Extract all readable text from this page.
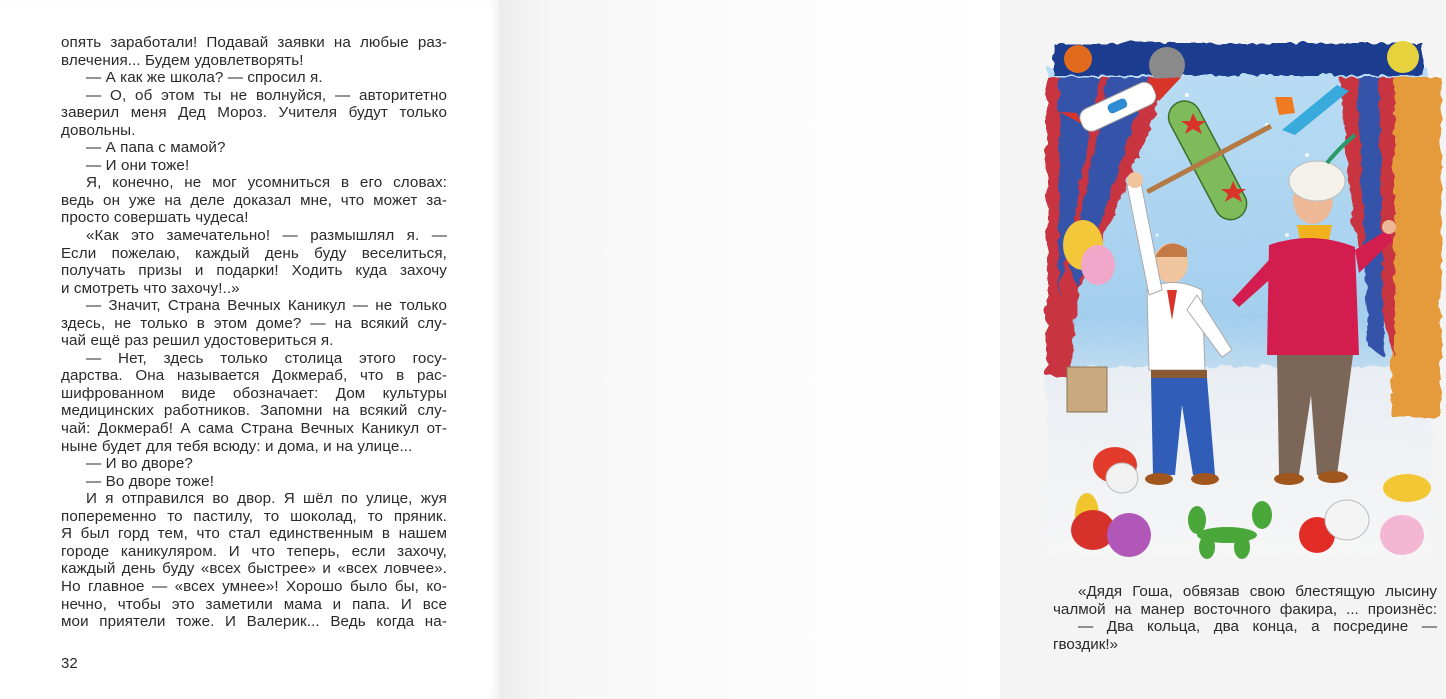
опять заработали! Подавай заявки на любые раз-

влечения... Будем удовлетворять!

— А как же школа? — спросил я.

— О, об этом ты не волнуйся, — авторитетно

заверил меня Дед Мороз. Учителя будут только

довольны.

— А папа с мамой?

— И они тоже!

Я, конечно, не мог усомниться в его словах:

ведь он уже на деле доказал мне, что может за-

просто совершать чудеса!

«Как это замечательно! — размышлял я. —

Если пожелаю, каждый день буду веселиться,

получать призы и подарки! Ходить куда захочу

и смотреть что захочу!..»

— Значит, Страна Вечных Каникул — не только

здесь, не только в этом доме? — на всякий слу-

чай ещё раз решил удостовериться я.

— Нет, здесь только столица этого госу-

дарства. Она называется Докмераб, что в рас-

шифрованном виде обозначает: Дом культуры

медицинских работников. Запомни на всякий слу-

чай: Докмераб! А сама Страна Вечных Каникул от-

ныне будет для тебя всюду: и дома, и на улице...

— И во дворе?

— Во дворе тоже!

И я отправился во двор. Я шёл по улице, жуя

попеременно то пастилу, то шоколад, то пряник.

Я был горд тем, что стал единственным в нашем

городе каникуляром. И что теперь, если захочу,

каждый день буду «всех быстрее» и «всех ловчее».

Но главное — «всех умнее»! Хорошо было бы, ко-

нечно, чтобы это заметили мама и папа. И все

мои приятели тоже. И Валерик... Ведь когда на-

32

«Дядя Гоша, обвязав свою блестящую лысину

чалмой на манер восточного факира, ... произнёс:

— Два кольца, два конца, а посредине —

гвоздик!»
